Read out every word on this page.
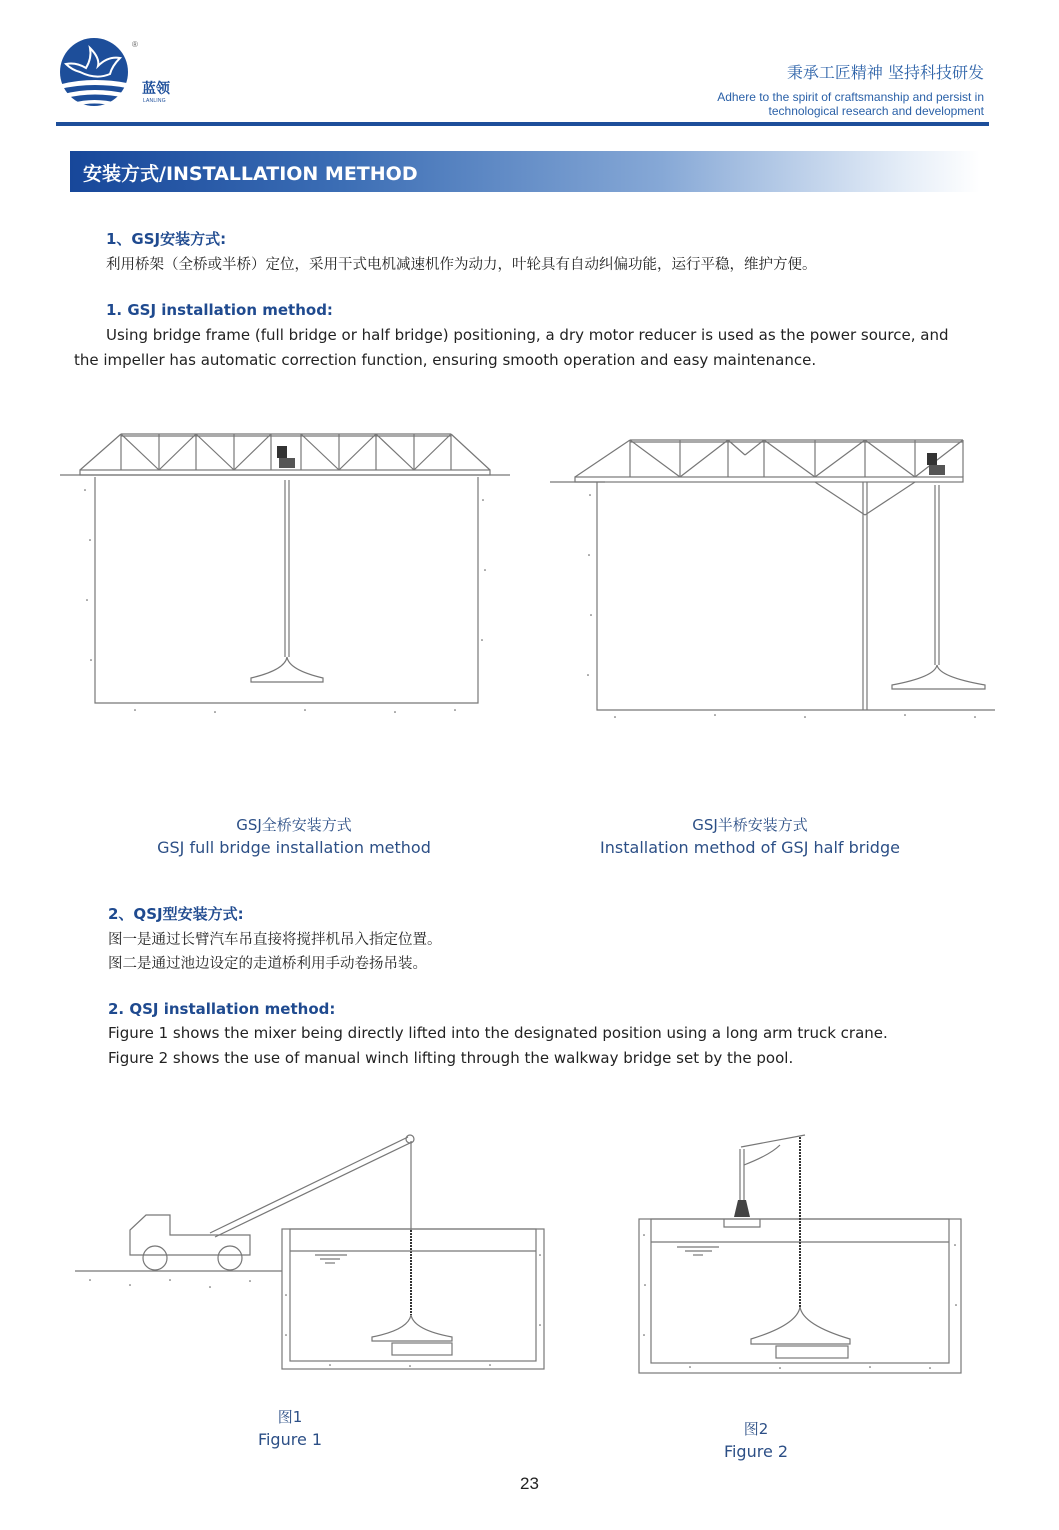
®
蓝领
LANLING
秉承工匠精神 坚持科技研发
Adhere to the spirit of craftsmanship and persist in
technological research and development
安装方式/INSTALLATION METHOD
1、GSJ安装方式:
利用桥架（全桥或半桥）定位，采用干式电机减速机作为动力，叶轮具有自动纠偏功能，运行平稳，维护方便。
1. GSJ installation method:
Using bridge frame (full bridge or half bridge) positioning, a dry motor reducer is used as the power source, and
the impeller has automatic correction function, ensuring smooth operation and easy maintenance.
GSJ全桥安装方式
GSJ full bridge installation method
GSJ半桥安装方式
Installation method of GSJ half bridge
2、QSJ型安装方式:
图一是通过长臂汽车吊直接将搅拌机吊入指定位置。
图二是通过池边设定的走道桥利用手动卷扬吊装。
2. QSJ installation method:
Figure 1 shows the mixer being directly lifted into the designated position using a long arm truck crane.
Figure 2 shows the use of manual winch lifting through the walkway bridge set by the pool.
图1
Figure 1
图2
Figure 2
23
